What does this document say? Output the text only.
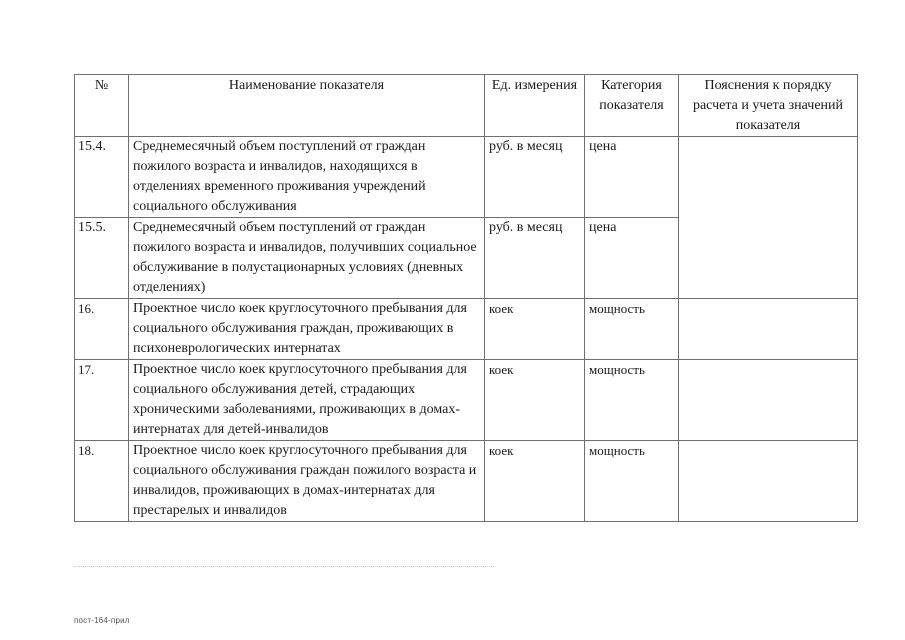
№	Наименование показателя	Ед. измерения	Категория показателя	Пояснения к порядку расчета и учета значений показателя
15.4.	Среднемесячный объем поступлений от граждан пожилого возраста и инвалидов, находящихся в отделениях временного проживания учреждений социального обслуживания	руб. в месяц	цена	
15.5.	Среднемесячный объем поступлений от граждан пожилого возраста и инвалидов, получивших социальное обслуживание в полустационарных условиях (дневных отделениях)	руб. в месяц	цена	
16.	Проектное число коек круглосуточного пребывания для социального обслуживания граждан, проживающих в психоневрологических интернатах	коек	мощность	
17.	Проектное число коек круглосуточного пребывания для социального обслуживания детей, страдающих хроническими заболеваниями, проживающих в домах-интернатах для детей-инвалидов	коек	мощность	
18.	Проектное число коек круглосуточного пребывания для социального обслуживания граждан пожилого возраста и инвалидов, проживающих в домах-интернатах для престарелых и инвалидов	коек	мощность	
пост-164-прил
